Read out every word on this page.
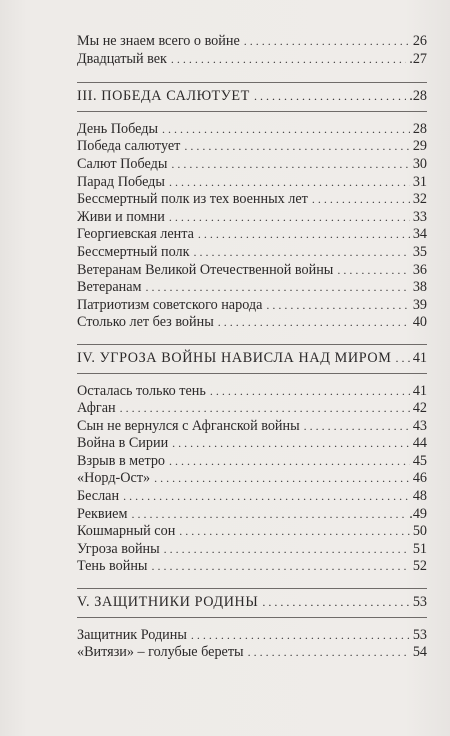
Мы не знаем всего о войне . . .	26
Двадцатый век . . .	.27
III. ПОБЕДА САЛЮТУЕТ . . .	.28
День Победы . . .	28
Победа салютует . . .	29
Салют Победы . . .	30
Парад Победы . . .	31
Бессмертный полк из тех военных лет . . .	32
Живи и помни . . .	33
Георгиевская лента . . .	34
Бессмертный полк . . .	35
Ветеранам Великой Отечественной войны . . .	36
Ветеранам . . .	38
Патриотизм советского народа . . .	39
Столько лет без войны . . .	40
IV. УГРОЗА ВОЙНЫ НАВИСЛА НАД МИРОМ . . . 41
Осталась только тень . . .	41
Афган . . .	42
Сын не вернулся с Афганской войны . . .	43
Война в Сирии . . .	44
Взрыв в метро . . .	45
«Норд-Ост» . . .	46
Беслан . . .	48
Реквием . . .	.49
Кошмарный сон . . .	50
Угроза войны . . .	51
Тень войны . . .	52
V. ЗАЩИТНИКИ РОДИНЫ . . .	53
Защитник Родины . . .	53
«Витязи» – голубые береты . . .	54
